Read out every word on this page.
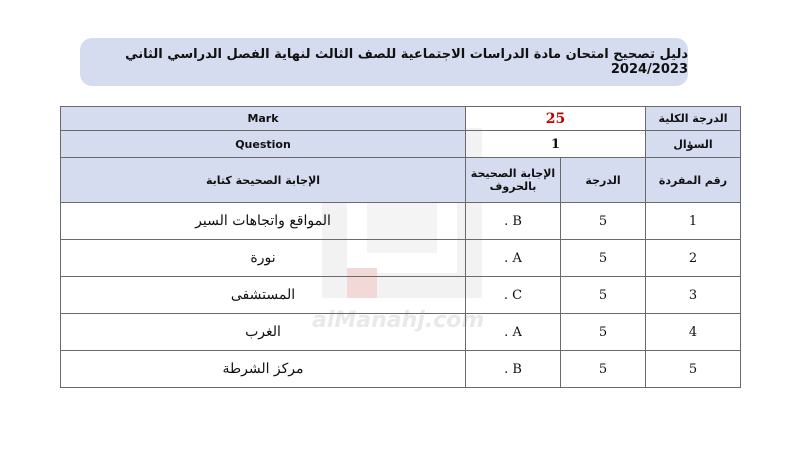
دليل تصحيح امتحان مادة الدراسات الاجتماعية للصف الثالث لنهاية الفصل الدراسي الثاني 2024/2023
alManahj.com
Mark	25		الدرجة الكلية
Question	1		السؤال
الإجابة الصحيحة كتابة	الإجابة الصحيحة بالحروف	الدرجة	رقم المفردة
المواقع واتجاهات السير	B .	5	1
نورة	A .	5	2
المستشفى	C .	5	3
الغرب	A .	5	4
مركز الشرطة	B .	5	5
